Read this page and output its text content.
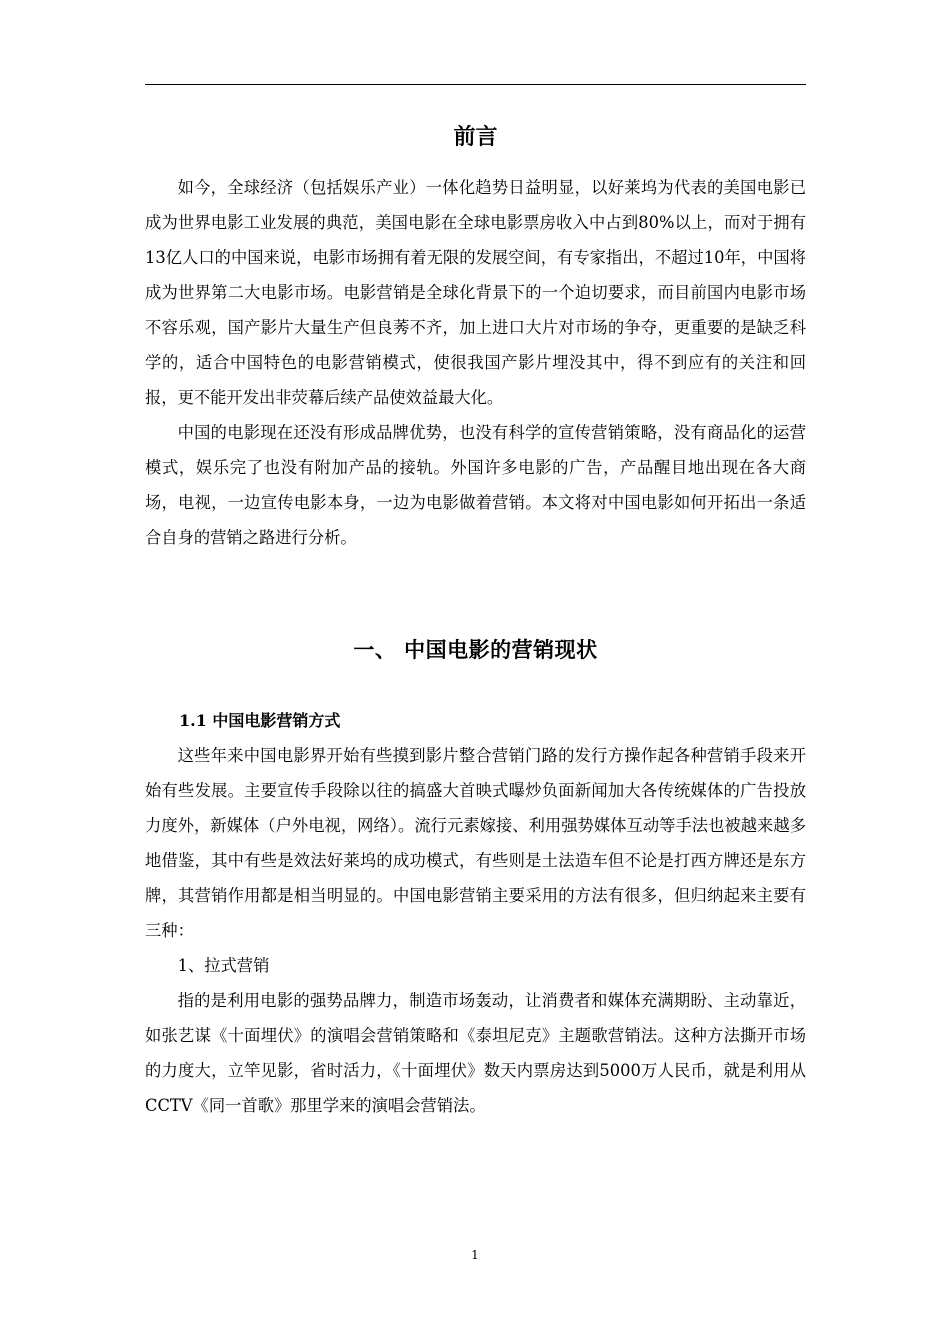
前言

如今，全球经济（包括娱乐产业）一体化趋势日益明显，以好莱坞为代表的美国电影已成为世界电影工业发展的典范，美国电影在全球电影票房收入中占到80%以上，而对于拥有13亿人口的中国来说，电影市场拥有着无限的发展空间，有专家指出，不超过10年，中国将成为世界第二大电影市场。电影营销是全球化背景下的一个迫切要求，而目前国内电影市场不容乐观，国产影片大量生产但良莠不齐，加上进口大片对市场的争夺，更重要的是缺乏科学的，适合中国特色的电影营销模式，使很我国产影片埋没其中，得不到应有的关注和回报，更不能开发出非荧幕后续产品使效益最大化。

中国的电影现在还没有形成品牌优势，也没有科学的宣传营销策略，没有商品化的运营模式，娱乐完了也没有附加产品的接轨。外国许多电影的广告，产品醒目地出现在各大商场，电视，一边宣传电影本身，一边为电影做着营销。本文将对中国电影如何开拓出一条适合自身的营销之路进行分析。

一、 中国电影的营销现状
1.1 中国电影营销方式

这些年来中国电影界开始有些摸到影片整合营销门路的发行方操作起各种营销手段来开始有些发展。主要宣传手段除以往的搞盛大首映式曝炒负面新闻加大各传统媒体的广告投放力度外，新媒体（户外电视，网络）。流行元素嫁接、利用强势媒体互动等手法也被越来越多地借鉴，其中有些是效法好莱坞的成功模式，有些则是土法造车但不论是打西方牌还是东方牌，其营销作用都是相当明显的。中国电影营销主要采用的方法有很多，但归纳起来主要有三种：

1、拉式营销

指的是利用电影的强势品牌力，制造市场轰动，让消费者和媒体充满期盼、主动靠近，如张艺谋《十面埋伏》的演唱会营销策略和《泰坦尼克》主题歌营销法。这种方法撕开市场的力度大，立竿见影，省时活力，《十面埋伏》数天内票房达到5000万人民币，就是利用从CCTV《同一首歌》那里学来的演唱会营销法。

1
